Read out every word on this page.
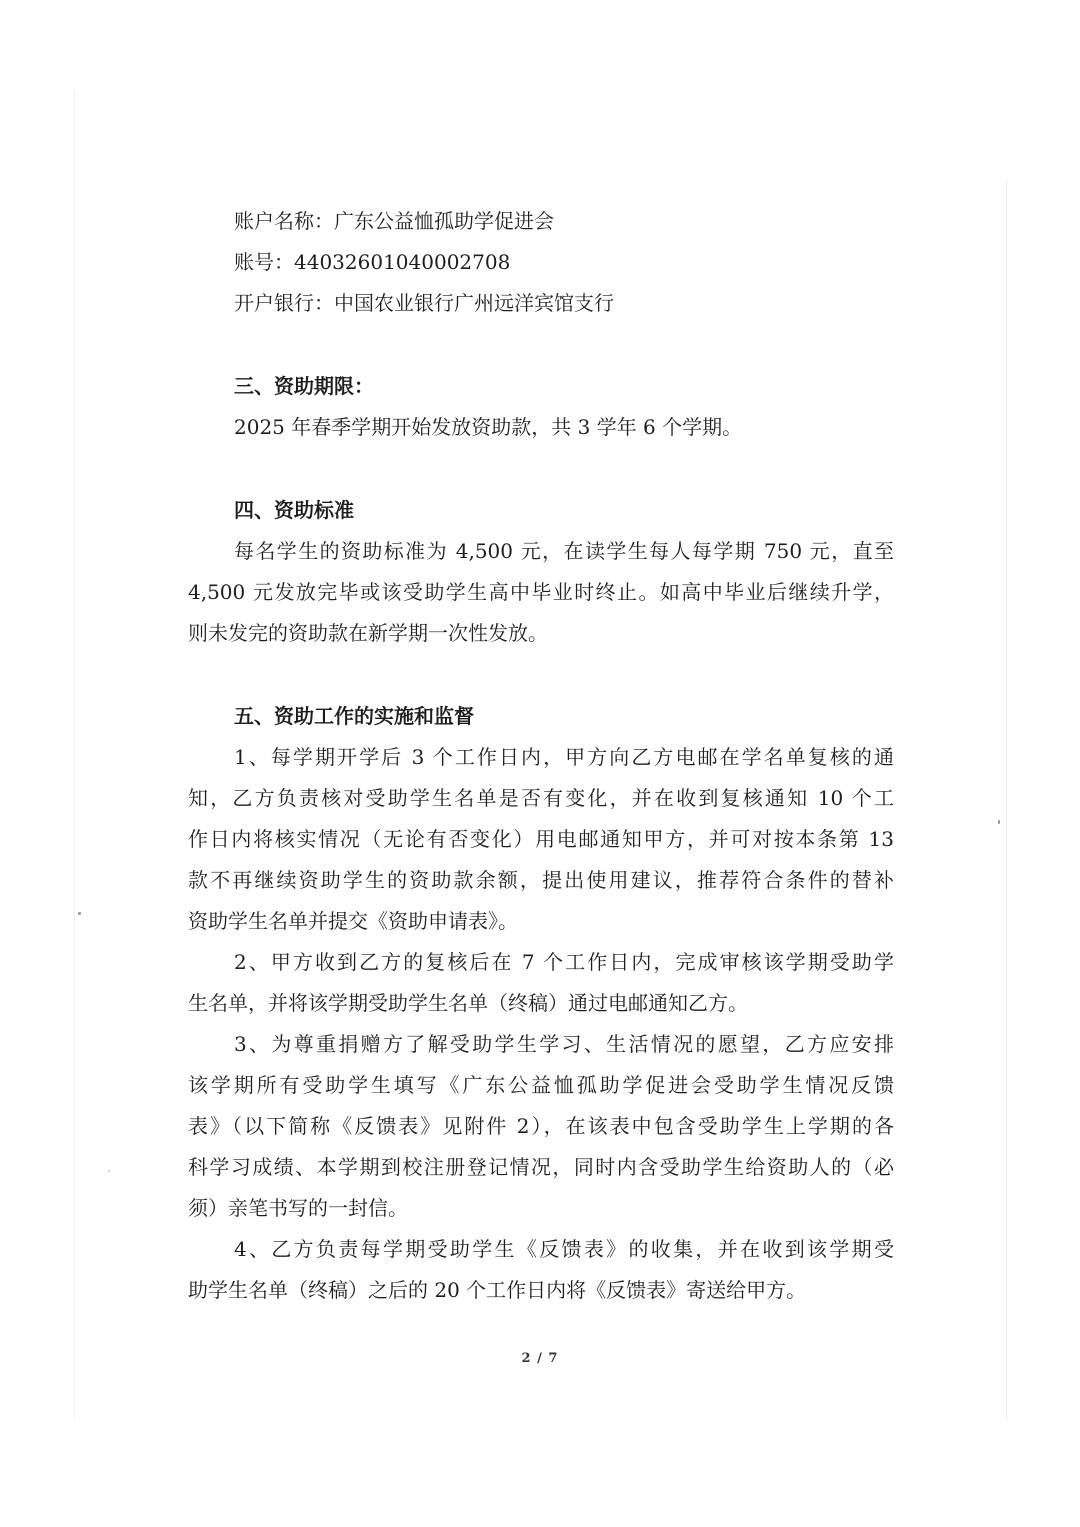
账户名称：广东公益恤孤助学促进会
账号：44032601040002708
开户银行：中国农业银行广州远洋宾馆支行
三、资助期限：
2025 年春季学期开始发放资助款，共 3 学年 6 个学期。
四、资助标准
每名学生的资助标准为 4,500 元，在读学生每人每学期 750 元，直至
4,500 元发放完毕或该受助学生高中毕业时终止。如高中毕业后继续升学，
则未发完的资助款在新学期一次性发放。
五、资助工作的实施和监督
1、每学期开学后 3 个工作日内，甲方向乙方电邮在学名单复核的通
知，乙方负责核对受助学生名单是否有变化，并在收到复核通知 10 个工
作日内将核实情况（无论有否变化）用电邮通知甲方，并可对按本条第 13
款不再继续资助学生的资助款余额，提出使用建议，推荐符合条件的替补
资助学生名单并提交《资助申请表》。
2、甲方收到乙方的复核后在 7 个工作日内，完成审核该学期受助学
生名单，并将该学期受助学生名单（终稿）通过电邮通知乙方。
3、为尊重捐赠方了解受助学生学习、生活情况的愿望，乙方应安排
该学期所有受助学生填写《广东公益恤孤助学促进会受助学生情况反馈
表》（以下简称《反馈表》见附件 2），在该表中包含受助学生上学期的各
科学习成绩、本学期到校注册登记情况，同时内含受助学生给资助人的（必
须）亲笔书写的一封信。
4、乙方负责每学期受助学生《反馈表》的收集，并在收到该学期受
助学生名单（终稿）之后的 20 个工作日内将《反馈表》寄送给甲方。
2 / 7
